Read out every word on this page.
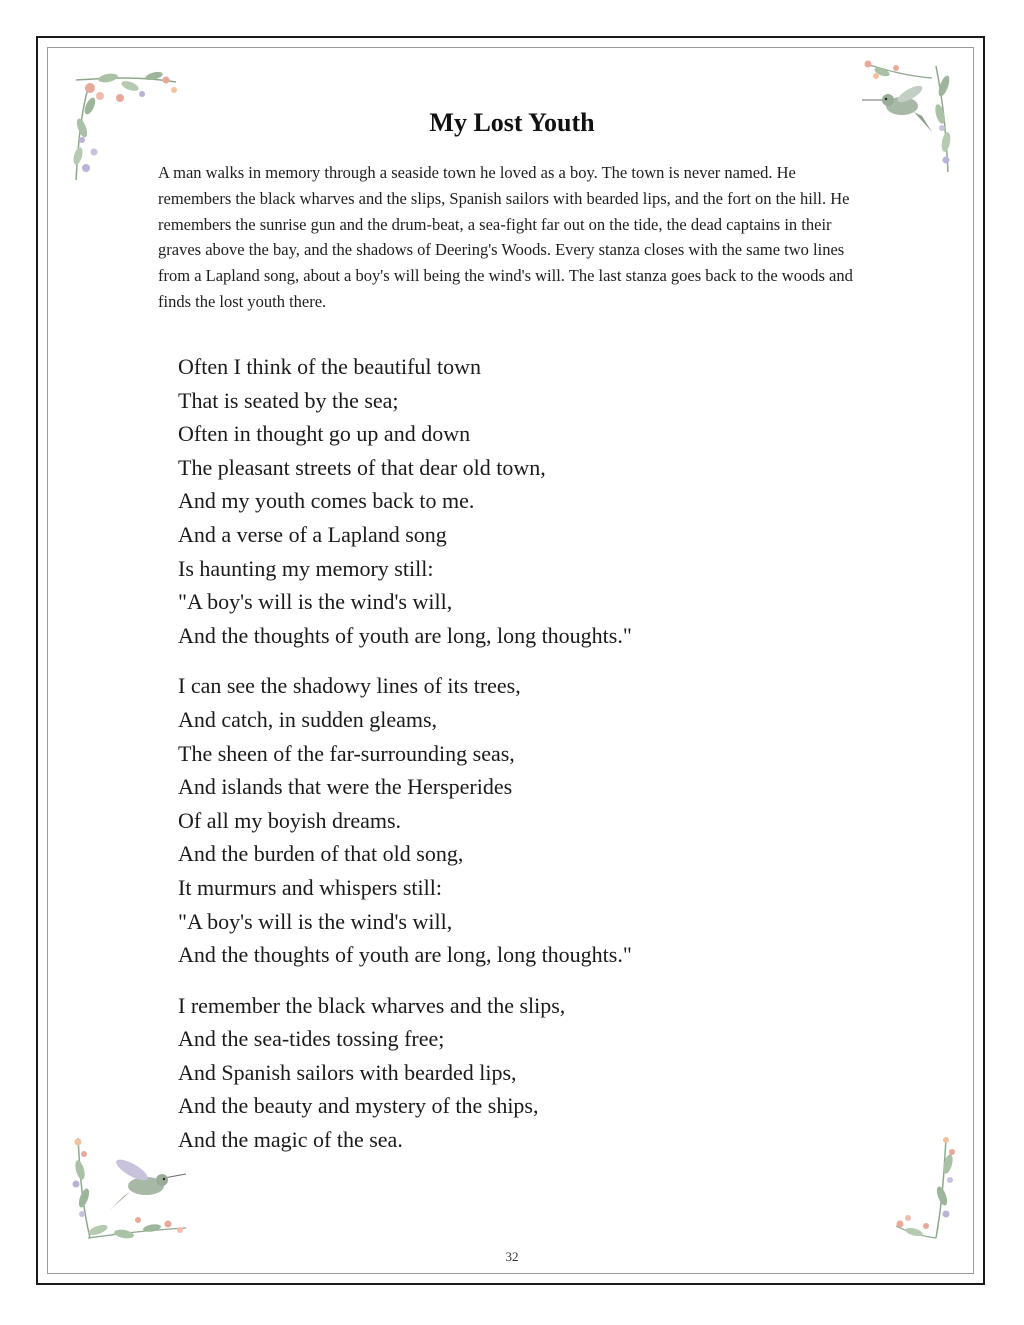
My Lost Youth

A man walks in memory through a seaside town he loved as a boy. The town is never named. He remembers the black wharves and the slips, Spanish sailors with bearded lips, and the fort on the hill. He remembers the sunrise gun and the drum-beat, a sea-fight far out on the tide, the dead captains in their graves above the bay, and the shadows of Deering's Woods. Every stanza closes with the same two lines from a Lapland song, about a boy's will being the wind's will. The last stanza goes back to the woods and finds the lost youth there.

Often I think of the beautiful town
That is seated by the sea;
Often in thought go up and down
The pleasant streets of that dear old town,
And my youth comes back to me.
And a verse of a Lapland song
Is haunting my memory still:
"A boy's will is the wind's will,
And the thoughts of youth are long, long thoughts."
I can see the shadowy lines of its trees,
And catch, in sudden gleams,
The sheen of the far-surrounding seas,
And islands that were the Hersperides
Of all my boyish dreams.
And the burden of that old song,
It murmurs and whispers still:
"A boy's will is the wind's will,
And the thoughts of youth are long, long thoughts."
I remember the black wharves and the slips,
And the sea-tides tossing free;
And Spanish sailors with bearded lips,
And the beauty and mystery of the ships,
And the magic of the sea.
32
